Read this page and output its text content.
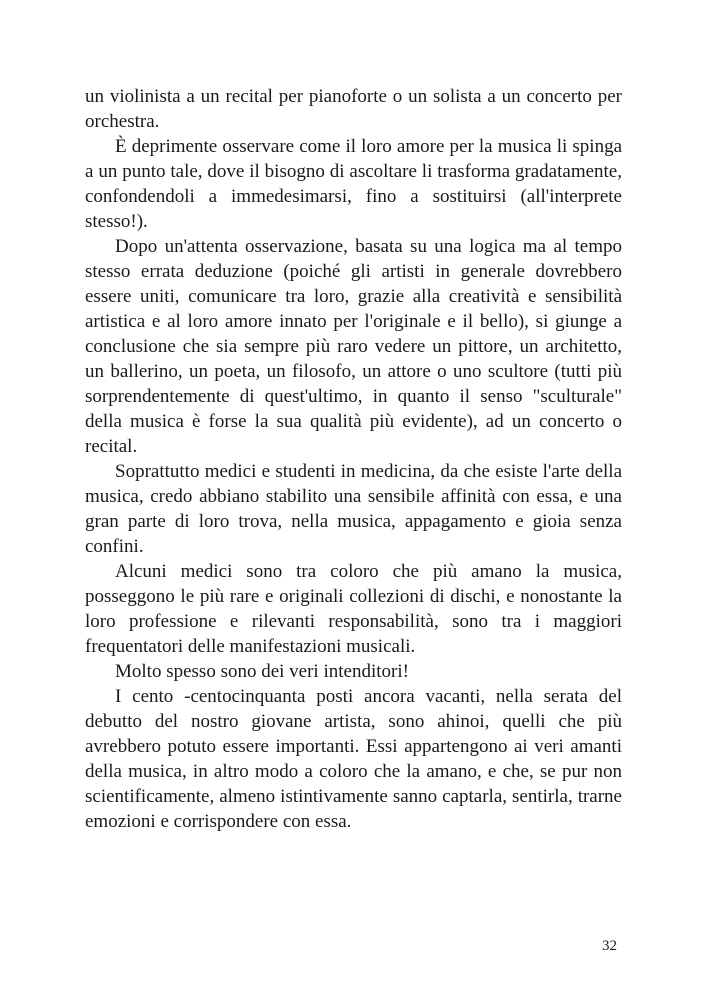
un violinista a un recital per pianoforte o un solista a un concerto per orchestra.

È deprimente osservare come il loro amore per la musica li spinga a un punto tale, dove il bisogno di ascoltare li trasforma gradatamente, confondendoli a immedesimarsi, fino a sostituirsi (all'interprete stesso!).

Dopo un'attenta osservazione, basata su una logica ma al tempo stesso errata deduzione (poiché gli artisti in generale dovrebbero essere uniti, comunicare tra loro, grazie alla creatività e sensibilità artistica e al loro amore innato per l'originale e il bello), si giunge a conclusione che sia sempre più raro vedere un pittore, un architetto, un ballerino, un poeta, un filosofo, un attore o uno scultore (tutti più sorprendentemente di quest'ultimo, in quanto il senso "sculturale" della musica è forse la sua qualità più evidente), ad un concerto o recital.

Soprattutto medici e studenti in medicina, da che esiste l'arte della musica, credo abbiano stabilito una sensibile affinità con essa, e una gran parte di loro trova, nella musica, appagamento e gioia senza confini.

Alcuni medici sono tra coloro che più amano la musica, posseggono le più rare e originali collezioni di dischi, e nonostante la loro professione e rilevanti responsabilità, sono tra i maggiori frequentatori delle manifestazioni musicali.

Molto spesso sono dei veri intenditori!

I cento -centocinquanta posti ancora vacanti, nella serata del debutto del nostro giovane artista, sono ahinoi, quelli che più avrebbero potuto essere importanti. Essi appartengono ai veri amanti della musica, in altro modo a coloro che la amano, e che, se pur non scientificamente, almeno istintivamente sanno captarla, sentirla, trarne emozioni e corrispondere con essa.

32
